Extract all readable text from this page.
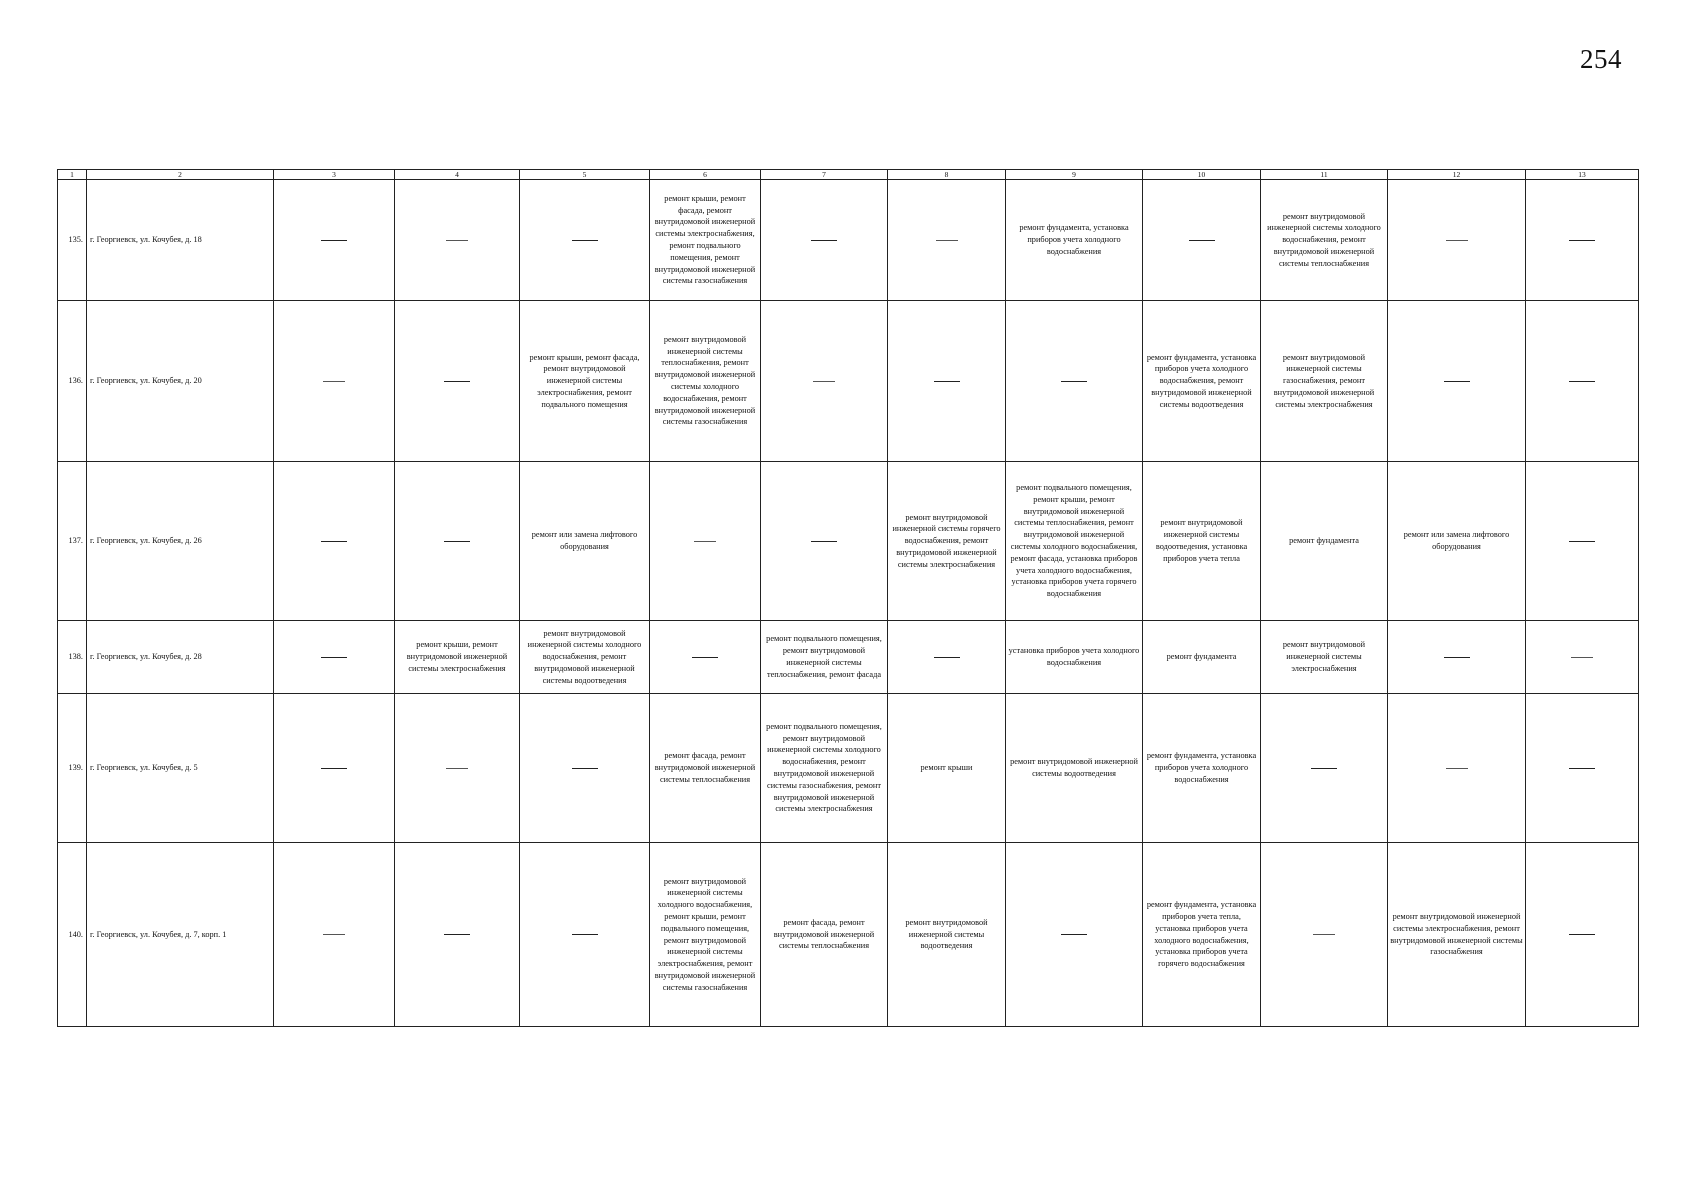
254
1	2	3	4	5	6	7	8	9	10	11	12	13
135.	г. Георгиевск, ул. Кочубея, д. 18				ремонт крыши, ремонт фасада, ремонт внутридомовой инженерной системы электроснабжения, ремонт подвального помещения, ремонт внутридомовой инженерной системы газоснабжения			ремонт фундамента, установка приборов учета холодного водоснабжения		ремонт внутридомовой инженерной системы холодного водоснабжения, ремонт внутридомовой инженерной системы теплоснабжения		
136.	г. Георгиевск, ул. Кочубея, д. 20			ремонт крыши, ремонт фасада, ремонт внутридомовой инженерной системы электроснабжения, ремонт подвального помещения	ремонт внутридомовой инженерной системы теплоснабжения, ремонт внутридомовой инженерной системы холодного водоснабжения, ремонт внутридомовой инженерной системы газоснабжения				ремонт фундамента, установка приборов учета холодного водоснабжения, ремонт внутридомовой инженерной системы водоотведения	ремонт внутридомовой инженерной системы газоснабжения, ремонт внутридомовой инженерной системы электроснабжения		
137.	г. Георгиевск, ул. Кочубея, д. 26			ремонт или замена лифтового оборудования			ремонт внутридомовой инженерной системы горячего водоснабжения, ремонт внутридомовой инженерной системы электроснабжения	ремонт подвального помещения, ремонт крыши, ремонт внутридомовой инженерной системы теплоснабжения, ремонт внутридомовой инженерной системы холодного водоснабжения, ремонт фасада, установка приборов учета холодного водоснабжения, установка приборов учета горячего водоснабжения	ремонт внутридомовой инженерной системы водоотведения, установка приборов учета тепла	ремонт фундамента	ремонт или замена лифтового оборудования	
138.	г. Георгиевск, ул. Кочубея, д. 28		ремонт крыши, ремонт внутридомовой инженерной системы электроснабжения	ремонт внутридомовой инженерной системы холодного водоснабжения, ремонт внутридомовой инженерной системы водоотведения		ремонт подвального помещения, ремонт внутридомовой инженерной системы теплоснабжения, ремонт фасада		установка приборов учета холодного водоснабжения	ремонт фундамента	ремонт внутридомовой инженерной системы электроснабжения		
139.	г. Георгиевск, ул. Кочубея, д. 5				ремонт фасада, ремонт внутридомовой инженерной системы теплоснабжения	ремонт подвального помещения, ремонт внутридомовой инженерной системы холодного водоснабжения, ремонт внутридомовой инженерной системы газоснабжения, ремонт внутридомовой инженерной системы электроснабжения	ремонт крыши	ремонт внутридомовой инженерной системы водоотведения	ремонт фундамента, установка приборов учета холодного водоснабжения			
140.	г. Георгиевск, ул. Кочубея, д. 7, корп. 1				ремонт внутридомовой инженерной системы холодного водоснабжения, ремонт крыши, ремонт подвального помещения, ремонт внутридомовой инженерной системы электроснабжения, ремонт внутридомовой инженерной системы газоснабжения	ремонт фасада, ремонт внутридомовой инженерной системы теплоснабжения	ремонт внутридомовой инженерной системы водоотведения		ремонт фундамента, установка приборов учета тепла, установка приборов учета холодного водоснабжения, установка приборов учета горячего водоснабжения		ремонт внутридомовой инженерной системы электроснабжения, ремонт внутридомовой инженерной системы газоснабжения	
